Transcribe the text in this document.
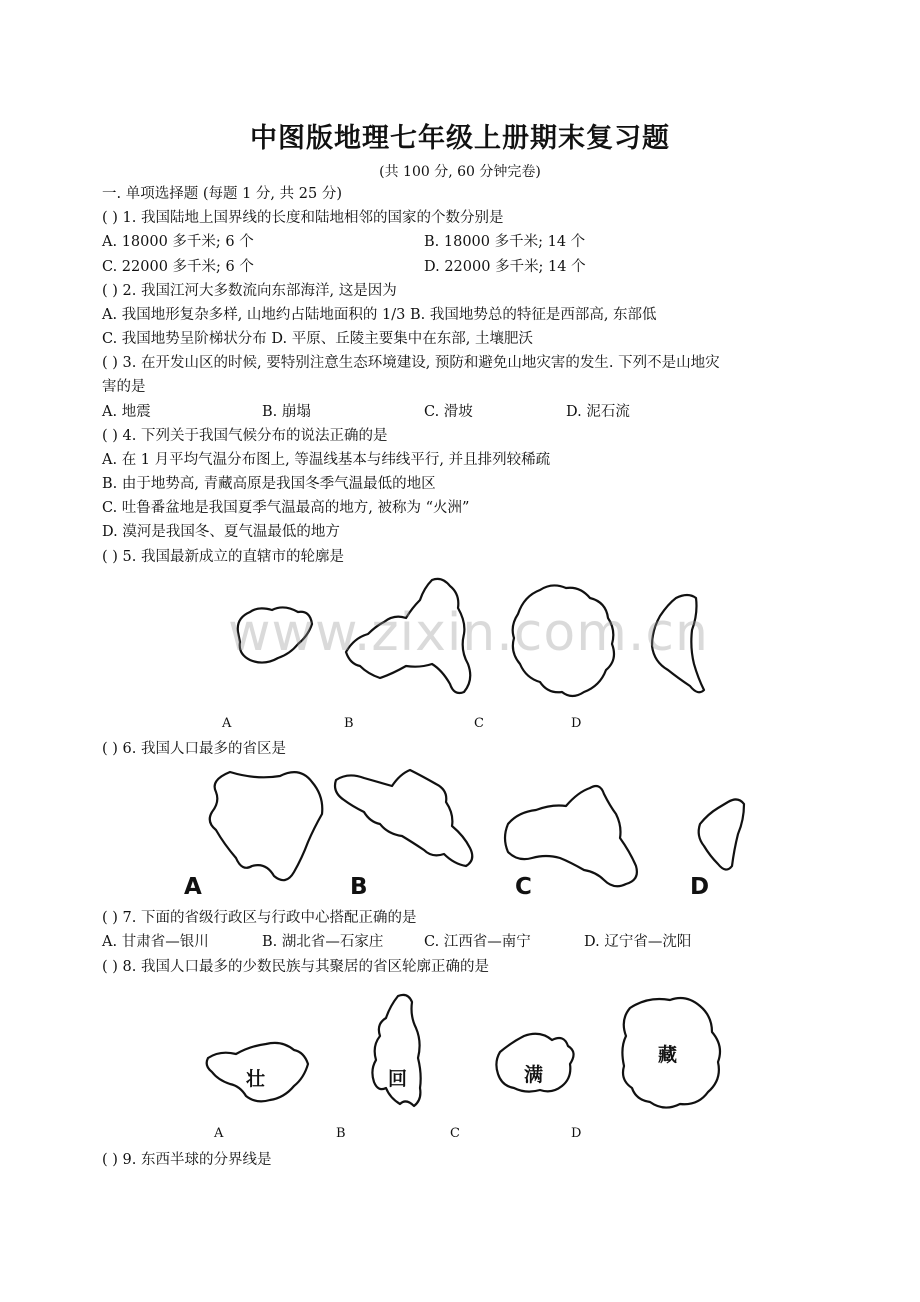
中图版地理七年级上册期末复习题
(共 100 分, 60 分钟完卷)
一. 单项选择题 (每题 1 分, 共 25 分)
( ) 1. 我国陆地上国界线的长度和陆地相邻的国家的个数分别是
A. 18000 多千米; 6 个	B. 18000 多千米; 14 个
C. 22000 多千米; 6 个	D. 22000 多千米; 14 个
( ) 2. 我国江河大多数流向东部海洋, 这是因为
A. 我国地形复杂多样, 山地约占陆地面积的 1/3 B. 我国地势总的特征是西部高, 东部低
C. 我国地势呈阶梯状分布 D. 平原、丘陵主要集中在东部, 土壤肥沃
( ) 3. 在开发山区的时候, 要特别注意生态环境建设, 预防和避免山地灾害的发生. 下列不是山地灾
害的是
A. 地震	B. 崩塌	C. 滑坡	D. 泥石流
( ) 4. 下列关于我国气候分布的说法正确的是
A. 在 1 月平均气温分布图上, 等温线基本与纬线平行, 并且排列较稀疏
B. 由于地势高, 青藏高原是我国冬季气温最低的地区
C. 吐鲁番盆地是我国夏季气温最高的地方, 被称为 “火洲”
D. 漠河是我国冬、夏气温最低的地方
( ) 5. 我国最新成立的直辖市的轮廓是
www.zixin.com.cn
A	B	C	D
( ) 6. 我国人口最多的省区是
A	B	C	D
( ) 7. 下面的省级行政区与行政中心搭配正确的是
A. 甘肃省—银川	B. 湖北省—石家庄	C. 江西省—南宁	D. 辽宁省—沈阳
( ) 8. 我国人口最多的少数民族与其聚居的省区轮廓正确的是
壮	回	满
藏
A	B	C	D
( ) 9. 东西半球的分界线是
